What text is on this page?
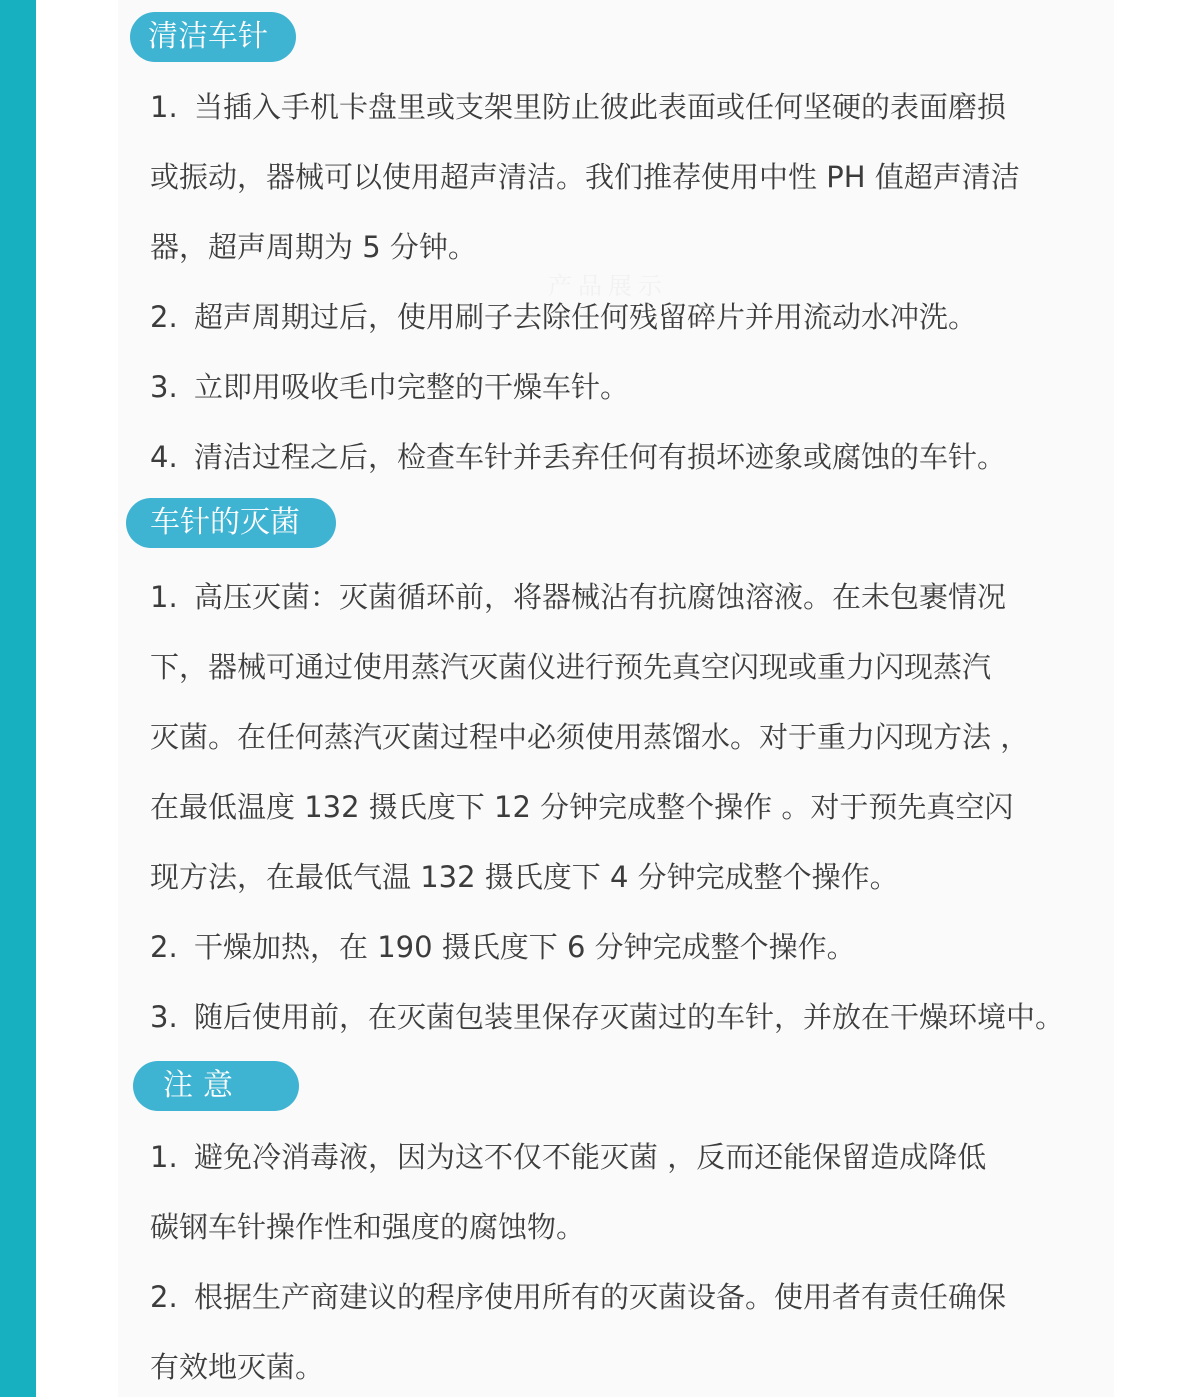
产品展示
清洁车针
1. 当插入手机卡盘里或支架里防止彼此表面或任何坚硬的表面磨损
或振动，器械可以使用超声清洁。我们推荐使用中性 PH 值超声清洁
器，超声周期为 5 分钟。
2. 超声周期过后，使用刷子去除任何残留碎片并用流动水冲洗。
3. 立即用吸收毛巾完整的干燥车针。
4. 清洁过程之后，检查车针并丢弃任何有损坏迹象或腐蚀的车针。
车针的灭菌
1. 高压灭菌：灭菌循环前，将器械沾有抗腐蚀溶液。在未包裹情况
下，器械可通过使用蒸汽灭菌仪进行预先真空闪现或重力闪现蒸汽
灭菌。在任何蒸汽灭菌过程中必须使用蒸馏水。对于重力闪现方法 ，
在最低温度 132 摄氏度下 12 分钟完成整个操作 。对于预先真空闪
现方法，在最低气温 132 摄氏度下 4 分钟完成整个操作。
2. 干燥加热，在 190 摄氏度下 6 分钟完成整个操作。
3. 随后使用前，在灭菌包装里保存灭菌过的车针，并放在干燥环境中。
注意
1. 避免冷消毒液，因为这不仅不能灭菌 ，反而还能保留造成降低
碳钢车针操作性和强度的腐蚀物。
2. 根据生产商建议的程序使用所有的灭菌设备。使用者有责任确保
有效地灭菌。
